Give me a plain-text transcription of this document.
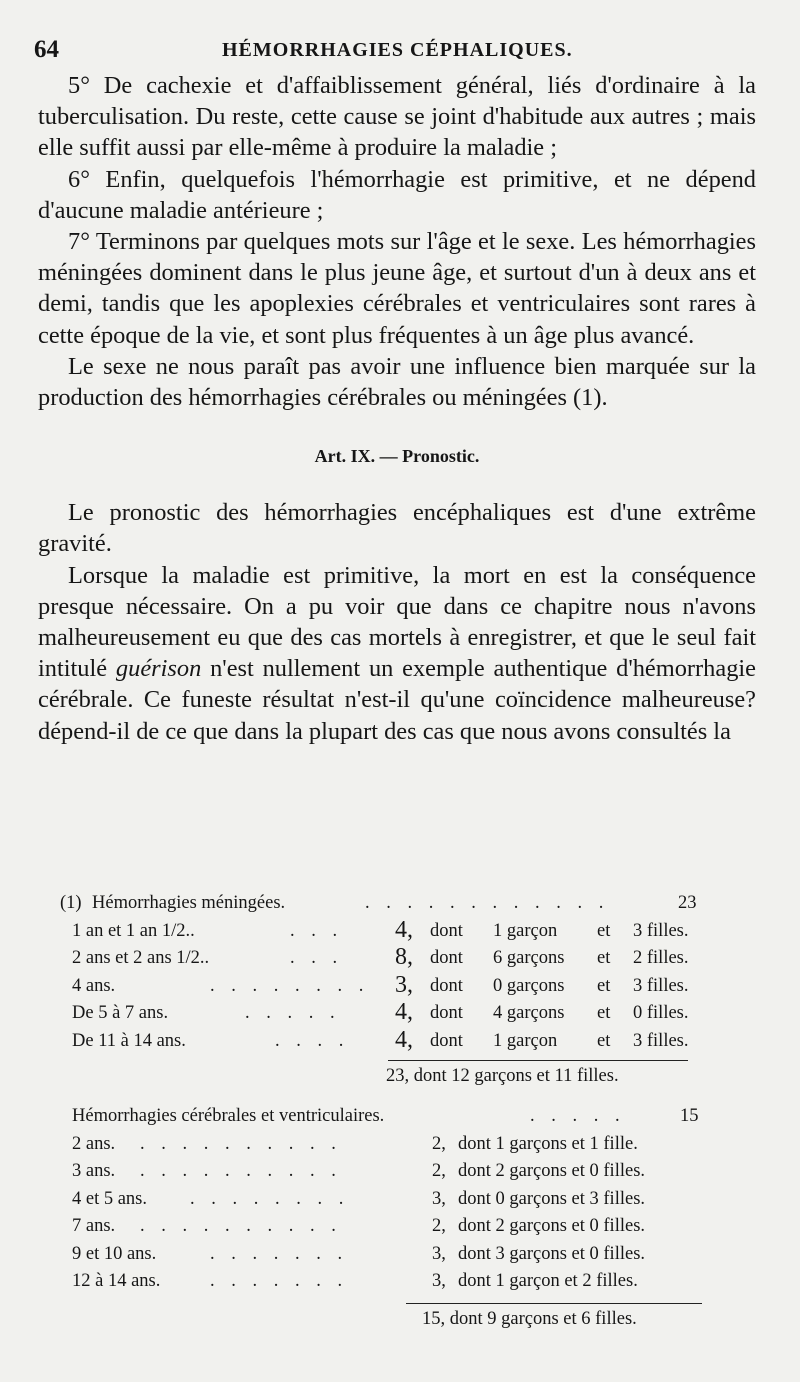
64	HÉMORRHAGIES CÉPHALIQUES.

5° De cachexie et d'affaiblissement général, liés d'ordinaire à la tuberculisation. Du reste, cette cause se joint d'habitude aux autres ; mais elle suffit aussi par elle-même à produire la maladie ;

6° Enfin, quelquefois l'hémorrhagie est primitive, et ne dépend d'aucune maladie antérieure ;

7° Terminons par quelques mots sur l'âge et le sexe. Les hémorrhagies méningées dominent dans le plus jeune âge, et surtout d'un à deux ans et demi, tandis que les apoplexies cérébrales et ventriculaires sont rares à cette époque de la vie, et sont plus fréquentes à un âge plus avancé.

Le sexe ne nous paraît pas avoir une influence bien marquée sur la production des hémorrhagies cérébrales ou méningées (1).

Art. IX. — Pronostic.

Le pronostic des hémorrhagies encéphaliques est d'une extrême gravité.

Lorsque la maladie est primitive, la mort en est la conséquence presque nécessaire. On a pu voir que dans ce chapitre nous n'avons malheureusement eu que des cas mortels à enregistrer, et que le seul fait intitulé guérison n'est nullement un exemple authentique d'hémorrhagie cérébrale. Ce funeste résultat n'est-il qu'une coïncidence malheureuse? dépend-il de ce que dans la plupart des cas que nous avons consultés la

(1) Hémorrhagies méningées.	. . . . . . . . . . . .	23
1 an et 1 an 1/2..	. . . 4, dont 1 garçon et 3 filles.
2 ans et 2 ans 1/2..	. . . 8, dont 6 garçons et 2 filles.
4 ans.	. . . . . . . . 3, dont 0 garçons et 3 filles.
De 5 à 7 ans.	. . . . . 4, dont 4 garçons et 0 filles.
De 11 à 14 ans.	. . . . 4, dont 1 garçon et 3 filles.
23, dont 12 garçons et 11 filles.
Hémorrhagies cérébrales et ventriculaires.	. . . . .	15
2 ans. . . . . . . . . . .	2, dont 1 garçons et 1 fille.
3 ans. . . . . . . . . . .	2, dont 2 garçons et 0 filles.
4 et 5 ans. . . . . . . . .	3, dont 0 garçons et 3 filles.
7 ans. . . . . . . . . . .	2, dont 2 garçons et 0 filles.
9 et 10 ans.	. . . . . . .	3, dont 3 garçons et 0 filles.
12 à 14 ans.	. . . . . . .	3, dont 1 garçon et 2 filles.
15, dont 9 garçons et 6 filles.
